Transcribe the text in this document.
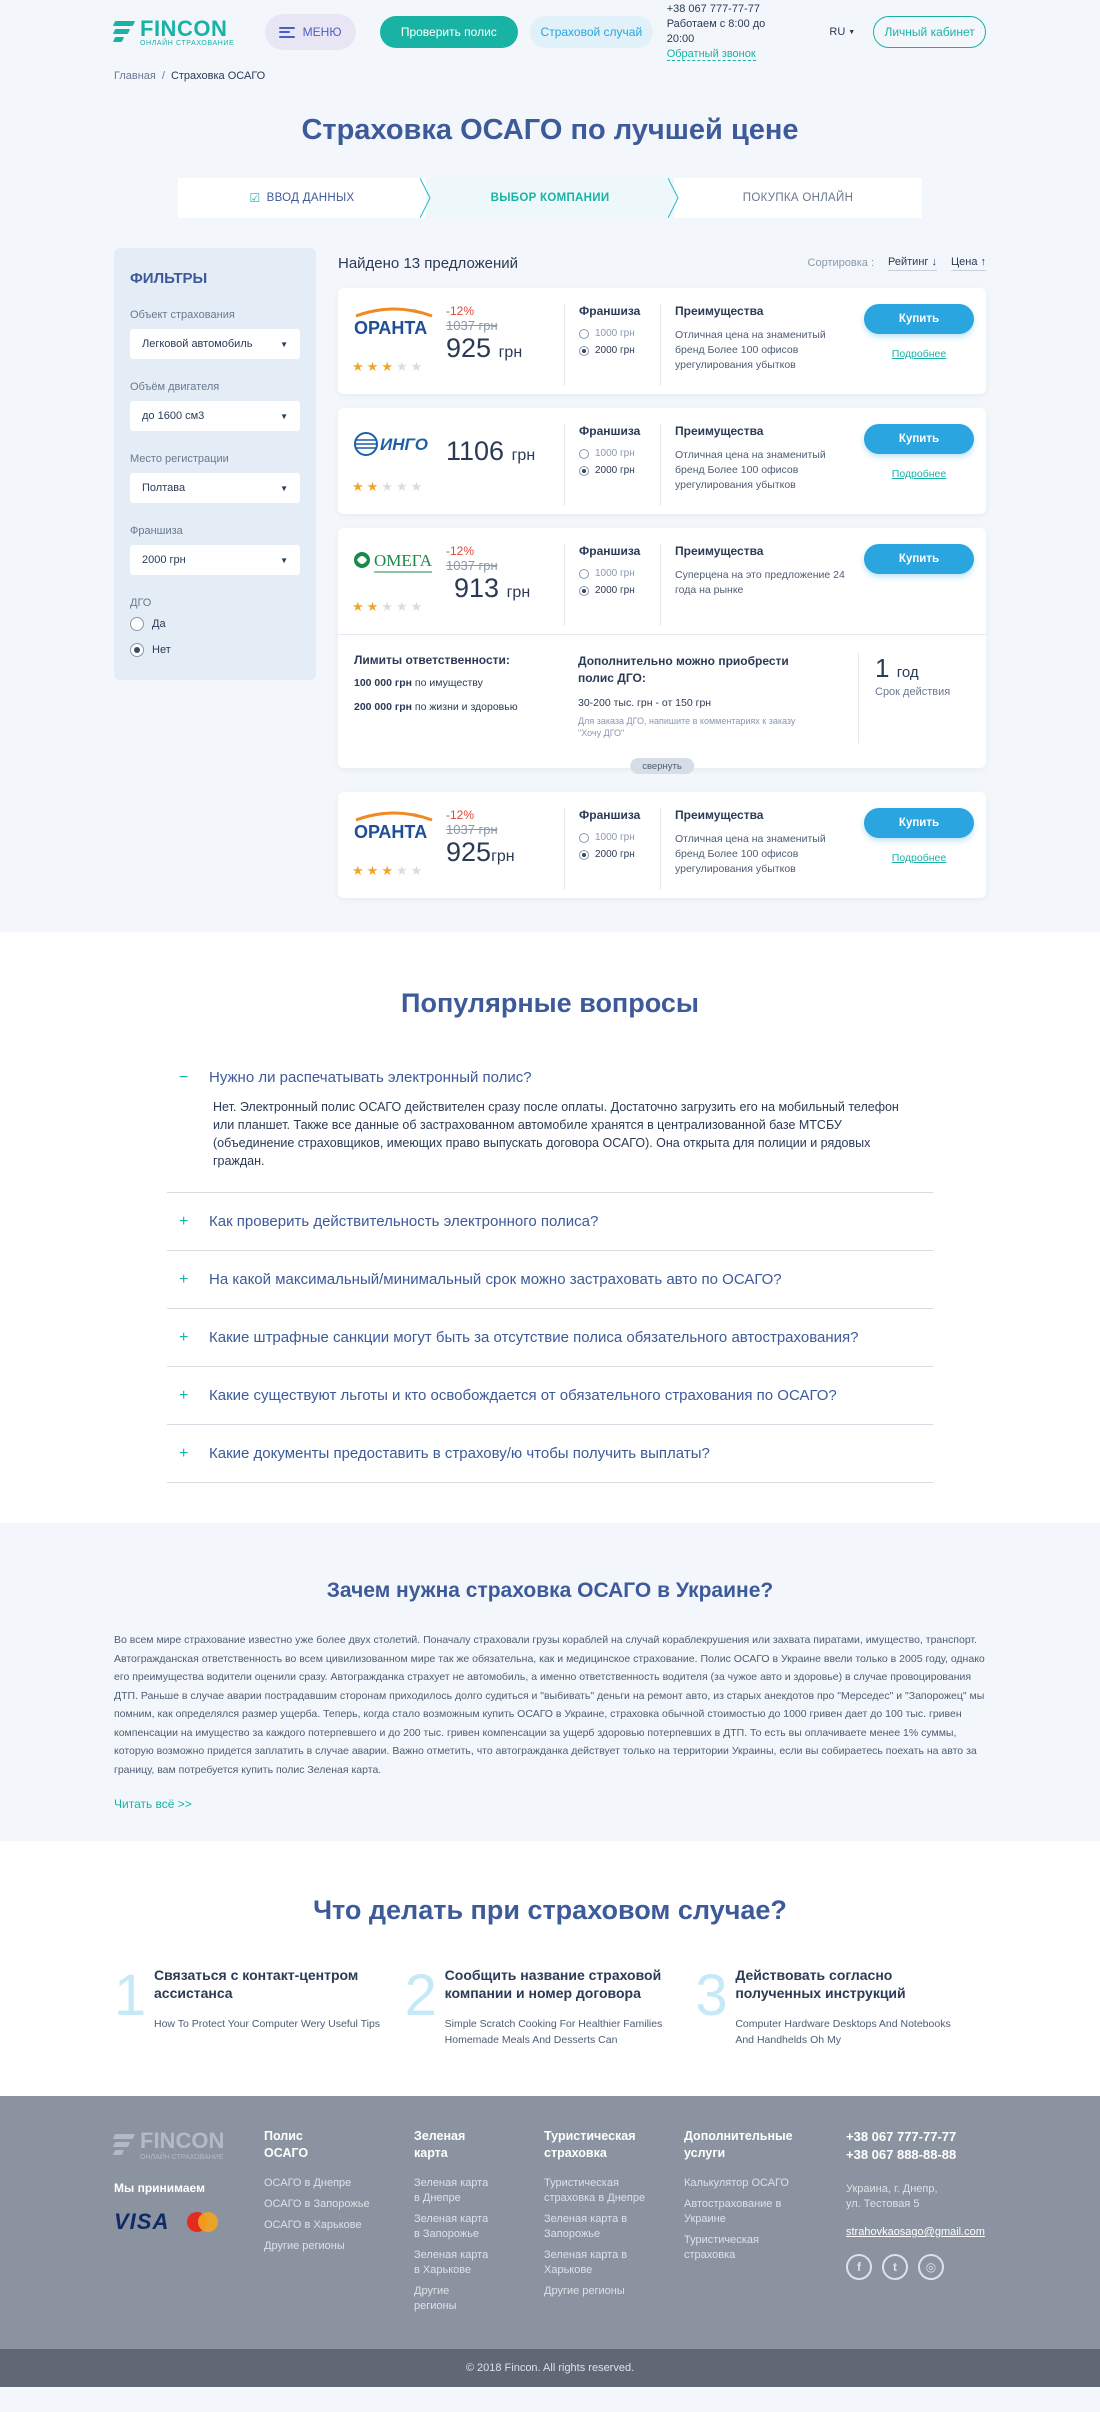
FINCON
ОНЛАЙН СТРАХОВАНИЕ
МЕНЮ	Проверить полис	Страховой случай
+38 067 777-77-77
Работаем с 8:00 до 20:00
Обратный звонок
RU ▼	Личный кабинет
Главная / Страховка ОСАГО
Страховка ОСАГО по лучшей цене
☑ ВВОД ДАННЫХ	ВЫБОР КОМПАНИИ	ПОКУПКА ОНЛАЙН
ФИЛЬТРЫ
Объект страхования
Легковой автомобиль	▼
Объём двигателя
до 1600 см3	▼
Место регистрации
Полтава	▼
Франшиза
2000 грн	▼
ДГО
Да
Нет
Найдено 13 предложений	Сортировка : Рейтинг ↓ Цена ↑
ОРАНТА
★ ★ ★ ★ ★
-12%
1037 грн
925 грн
Франшиза
1000 грн
2000 грн
Преимущества

Отличная цена на знаменитый бренд Более 100 офисов урегулирования убытков

Купить
Подробнее
ИНГО
★ ★ ★ ★ ★
1106 грн
Франшиза
1000 грн
2000 грн
Преимущества

Отличная цена на знаменитый бренд Более 100 офисов урегулирования убытков

Купить
Подробнее
ОМЕГА
★ ★ ★ ★ ★
-12%
1037 грн
913 грн
Франшиза
1000 грн
2000 грн
Преимущества

Суперцена на это предложение 24 года на рынке

Купить
Лимиты ответственности:

100 000 грн по имуществу

200 000 грн по жизни и здоровью

Дополнительно можно приобрести полис ДГО:
30-200 тыс. грн - от 150 грн
Для заказа ДГО, напишите в комментариях к заказу "Хочу ДГО"
1 год
Срок действия
свернуть
ОРАНТА
★ ★ ★ ★ ★
-12%
1037 грн
925грн
Франшиза
1000 грн
2000 грн
Преимущества

Отличная цена на знаменитый бренд Более 100 офисов урегулирования убытков

Купить
Подробнее
Популярные вопросы
−	Нужно ли распечатывать электронный полис?
Нет. Электронный полис ОСАГО действителен сразу после оплаты. Достаточно загрузить его на мобильный телефон или планшет. Также все данные об застрахованном автомобиле хранятся в централизованной базе МТСБУ (объединение страховщиков, имеющих право выпускать договора ОСАГО). Она открыта для полиции и рядовых граждан.
+	Как проверить действительность электронного полиса?
+	На какой максимальный/минимальный срок можно застраховать авто по ОСАГО?
+	Какие штрафные санкции могут быть за отсутствие полиса обязательного автострахования?
+	Какие существуют льготы и кто освобождается от обязательного страхования по ОСАГО?
+	Какие документы предоставить в страхову/ю чтобы получить выплаты?
Зачем нужна страховка ОСАГО в Украине?

Во всем мире страхование известно уже более двух столетий. Поначалу страховали грузы кораблей на случай кораблекрушения или захвата пиратами, имущество, транспорт. Автогражданская ответственность во всем цивилизованном мире так же обязательна, как и медицинское страхование. Полис ОСАГО в Украине ввели только в 2005 году, однако его преимущества водители оценили сразу. Автогражданка страхует не автомобиль, а именно ответственность водителя (за чужое авто и здоровье) в случае провоцирования ДТП. Раньше в случае аварии пострадавшим сторонам приходилось долго судиться и "выбивать" деньги на ремонт авто, из старых анекдотов про "Мерседес" и "Запорожец" мы помним, как определялся размер ущерба. Теперь, когда стало возможным купить ОСАГО в Украине, страховка обычной стоимостью до 1000 гривен дает до 100 тыс. гривен компенсации на имущество за каждого потерпевшего и до 200 тыс. гривен компенсации за ущерб здоровью потерпевших в ДТП. То есть вы оплачиваете менее 1% суммы, которую возможно придется заплатить в случае аварии. Важно отметить, что автогражданка действует только на территории Украины, если вы собираетесь поехать на авто за границу, вам потребуется купить полис Зеленая карта.

Читать всё >>
Что делать при страховом случае?
1 Связаться с контакт-центром ассистанса

How To Protect Your Computer Wery Useful Tips 2 Сообщить название страховой компании и номер договора

Simple Scratch Cooking For Healthier Families Homemade Meals And Desserts Can

3 Действовать согласно полученных инструкций

Computer Hardware Desktops And Notebooks And Handhelds Oh My

FINCON
ОНЛАЙН СТРАХОВАНИЕ
Мы принимаем
VISA
Полис ОСАГО
ОСАГО в Днепре
ОСАГО в Запорожье
ОСАГО в Харькове
Другие регионы
Зеленая карта
Зеленая карта в Днепре
Зеленая карта в Запорожье
Зеленая карта в Харькове
Другие регионы
Туристическая страховка
Туристическая страховка в Днепре
Зеленая карта в Запорожье
Зеленая карта в Харькове
Другие регионы
Дополнительные услуги
Калькулятор ОСАГО
Автострахование в Украине
Туристическая страховка
+38 067 777-77-77
+38 067 888-88-88
Украина, г. Днепр, ул. Тестовая 5
strahovkaosago@gmail.com
f	t	◎
© 2018 Fincon. All rights reserved.
